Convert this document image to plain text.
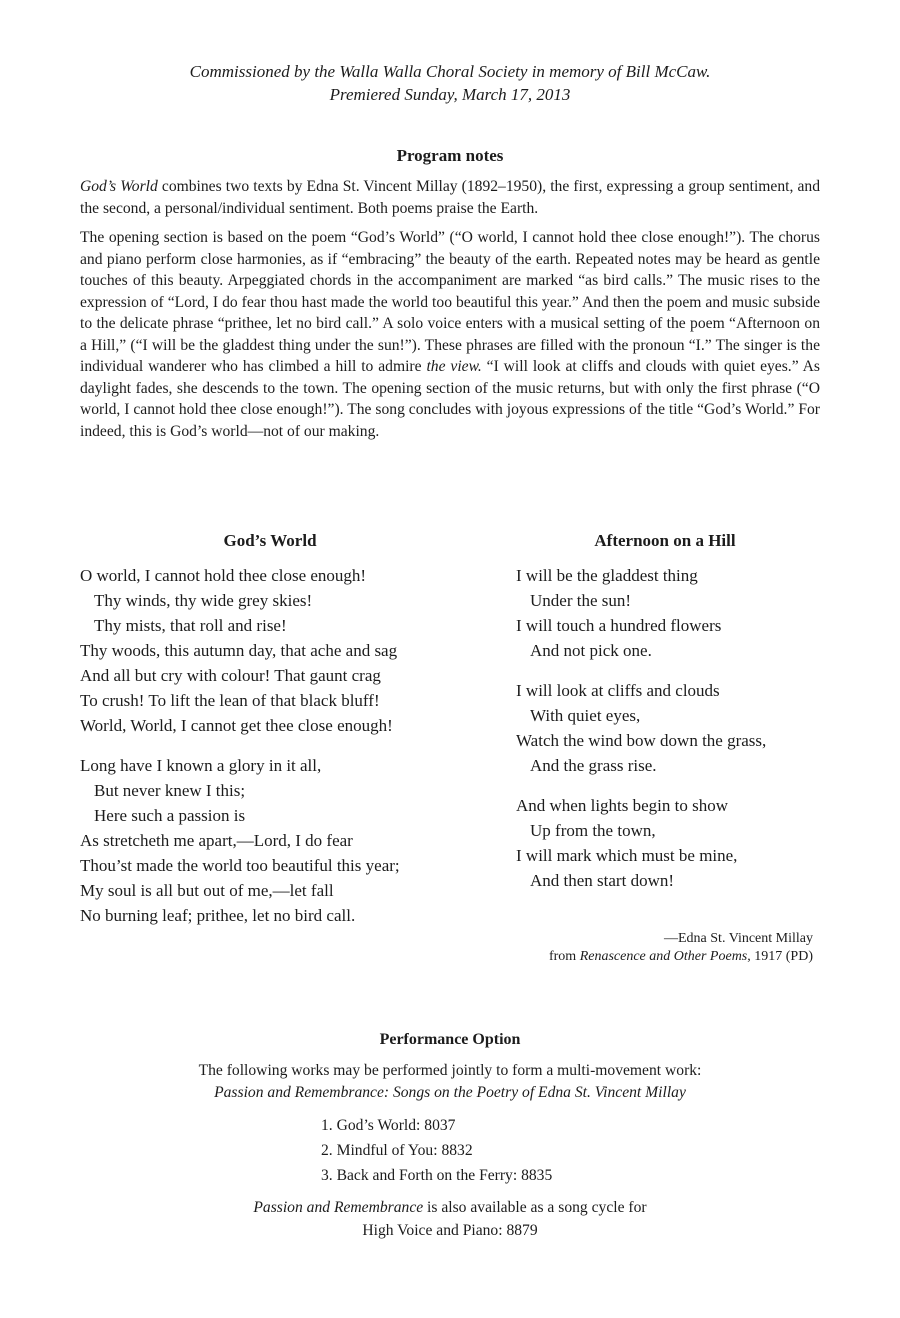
Commissioned by the Walla Walla Choral Society in memory of Bill McCaw.
Premiered Sunday, March 17, 2013
Program notes

God’s World combines two texts by Edna St. Vincent Millay (1892–1950), the first, expressing a group sentiment, and the second, a personal/individual sentiment. Both poems praise the Earth.

The opening section is based on the poem “God’s World” (“O world, I cannot hold thee close enough!”). The chorus and piano perform close harmonies, as if “embracing” the beauty of the earth. Repeated notes may be heard as gentle touches of this beauty. Arpeggiated chords in the accompaniment are marked “as bird calls.” The music rises to the expression of “Lord, I do fear thou hast made the world too beautiful this year.” And then the poem and music subside to the delicate phrase “prithee, let no bird call.” A solo voice enters with a musical setting of the poem “Afternoon on a Hill,” (“I will be the gladdest thing under the sun!”). These phrases are filled with the pronoun “I.” The singer is the individual wanderer who has climbed a hill to admire the view. “I will look at cliffs and clouds with quiet eyes.” As daylight fades, she descends to the town. The opening section of the music returns, but with only the first phrase (“O world, I cannot hold thee close enough!”). The song concludes with joyous expressions of the title “God’s World.” For indeed, this is God’s world—not of our making.

God’s World
O world, I cannot hold thee close enough!
Thy winds, thy wide grey skies!
Thy mists, that roll and rise!
Thy woods, this autumn day, that ache and sag
And all but cry with colour! That gaunt crag
To crush! To lift the lean of that black bluff!
World, World, I cannot get thee close enough!
Long have I known a glory in it all,
But never knew I this;
Here such a passion is
As stretcheth me apart,—Lord, I do fear
Thou’st made the world too beautiful this year;
My soul is all but out of me,—let fall
No burning leaf; prithee, let no bird call.
Afternoon on a Hill
I will be the gladdest thing
Under the sun!
I will touch a hundred flowers
And not pick one.
I will look at cliffs and clouds
With quiet eyes,
Watch the wind bow down the grass,
And the grass rise.
And when lights begin to show
Up from the town,
I will mark which must be mine,
And then start down!
—Edna St. Vincent Millay
from Renascence and Other Poems, 1917 (PD)
Performance Option
The following works may be performed jointly to form a multi-movement work:
Passion and Remembrance: Songs on the Poetry of Edna St. Vincent Millay
1. God’s World: 8037
2. Mindful of You: 8832
3. Back and Forth on the Ferry: 8835
Passion and Remembrance is also available as a song cycle for
High Voice and Piano: 8879
